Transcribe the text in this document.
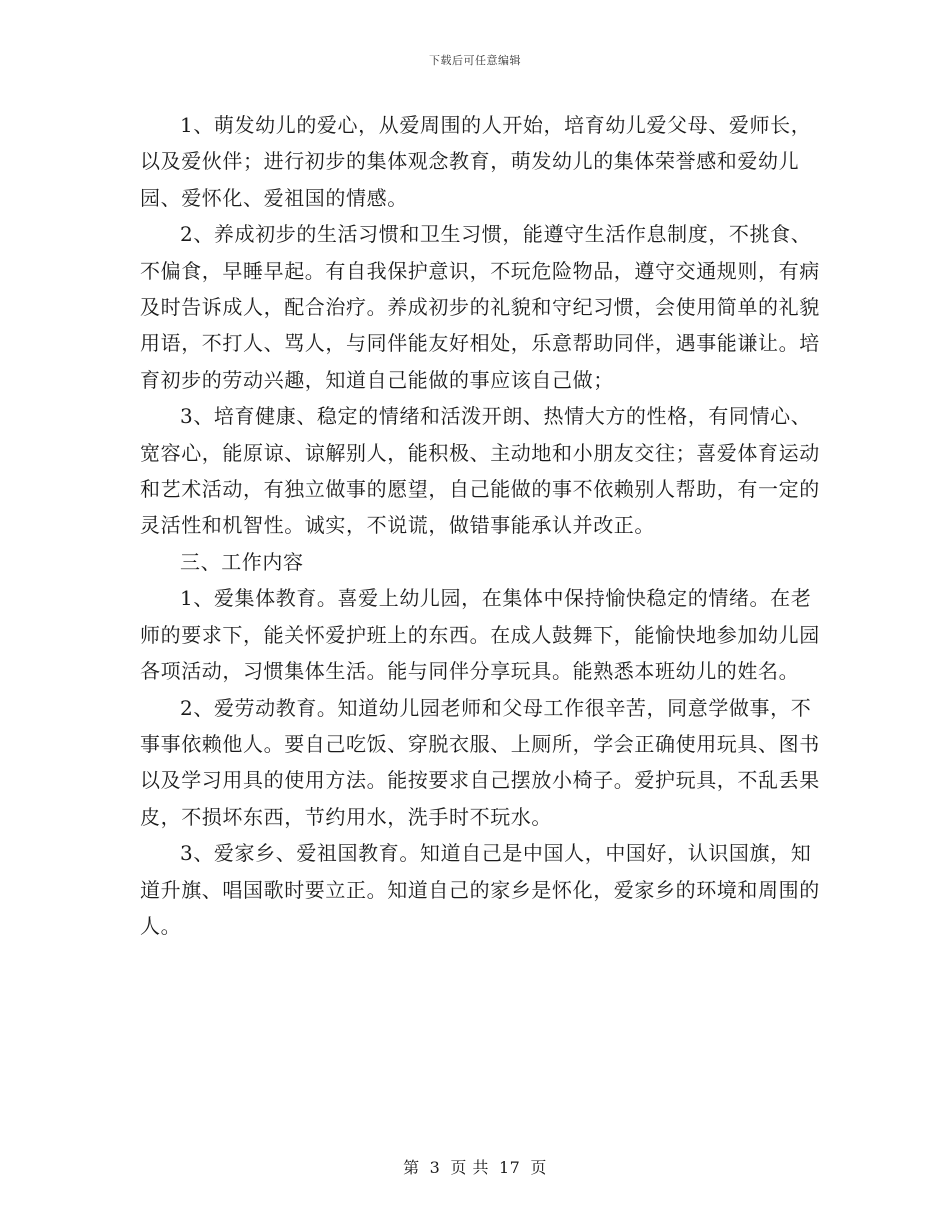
下载后可任意编辑

1、萌发幼儿的爱心，从爱周围的人开始，培育幼儿爱父母、爱师长，以及爱伙伴；进行初步的集体观念教育，萌发幼儿的集体荣誉感和爱幼儿园、爱怀化、爱祖国的情感。

2、养成初步的生活习惯和卫生习惯，能遵守生活作息制度，不挑食、不偏食，早睡早起。有自我保护意识，不玩危险物品，遵守交通规则，有病及时告诉成人，配合治疗。养成初步的礼貌和守纪习惯，会使用简单的礼貌用语，不打人、骂人，与同伴能友好相处，乐意帮助同伴，遇事能谦让。培育初步的劳动兴趣，知道自己能做的事应该自己做；

3、培育健康、稳定的情绪和活泼开朗、热情大方的性格，有同情心、宽容心，能原谅、谅解别人，能积极、主动地和小朋友交往；喜爱体育运动和艺术活动，有独立做事的愿望，自己能做的事不依赖别人帮助，有一定的灵活性和机智性。诚实，不说谎，做错事能承认并改正。

三、工作内容

1、爱集体教育。喜爱上幼儿园，在集体中保持愉快稳定的情绪。在老师的要求下，能关怀爱护班上的东西。在成人鼓舞下，能愉快地参加幼儿园各项活动，习惯集体生活。能与同伴分享玩具。能熟悉本班幼儿的姓名。

2、爱劳动教育。知道幼儿园老师和父母工作很辛苦，同意学做事，不事事依赖他人。要自己吃饭、穿脱衣服、上厕所，学会正确使用玩具、图书以及学习用具的使用方法。能按要求自己摆放小椅子。爱护玩具，不乱丢果皮，不损坏东西，节约用水，洗手时不玩水。

3、爱家乡、爱祖国教育。知道自己是中国人，中国好，认识国旗，知道升旗、唱国歌时要立正。知道自己的家乡是怀化，爱家乡的环境和周围的人。

第 3 页 共 17 页
